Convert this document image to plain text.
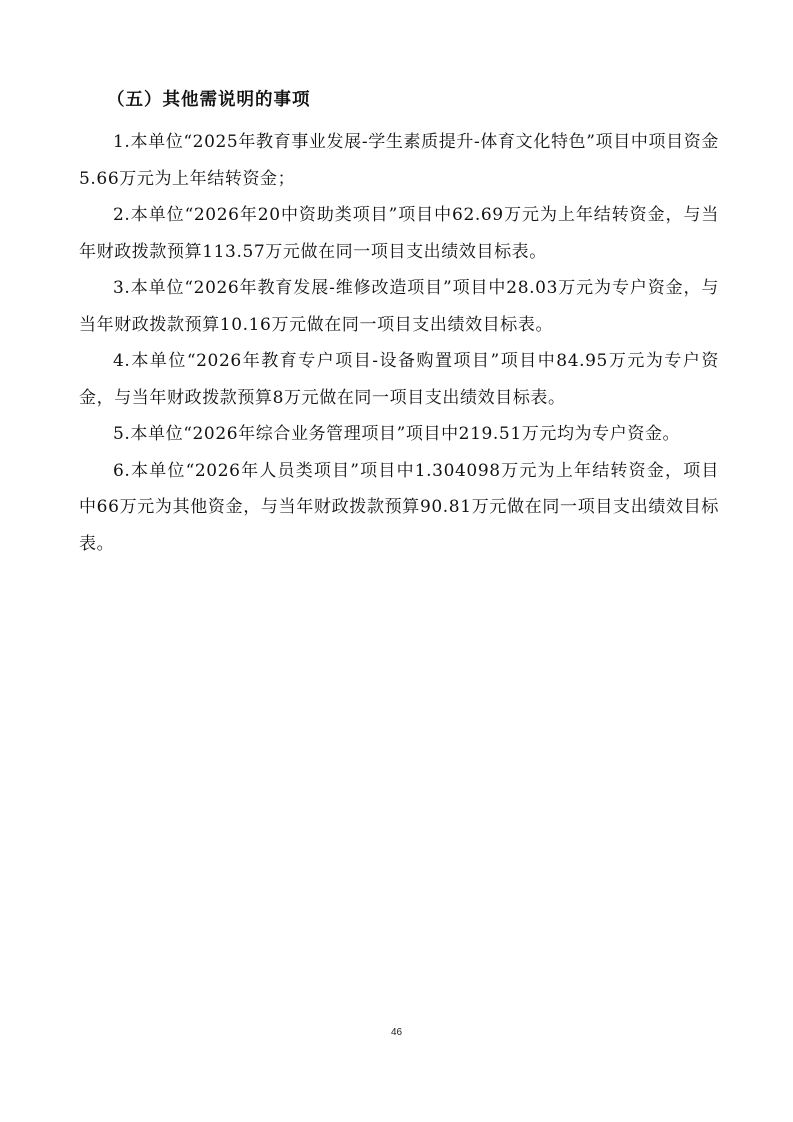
（五）其他需说明的事项

1.本单位“2025年教育事业发展-学生素质提升-体育文化特色”项目中项目资金5.66万元为上年结转资金；

2.本单位“2026年20中资助类项目”项目中62.69万元为上年结转资金，与当年财政拨款预算113.57万元做在同一项目支出绩效目标表。

3.本单位“2026年教育发展-维修改造项目”项目中28.03万元为专户资金，与当年财政拨款预算10.16万元做在同一项目支出绩效目标表。

4.本单位“2026年教育专户项目-设备购置项目”项目中84.95万元为专户资金，与当年财政拨款预算8万元做在同一项目支出绩效目标表。

5.本单位“2026年综合业务管理项目”项目中219.51万元均为专户资金。

6.本单位“2026年人员类项目”项目中1.304098万元为上年结转资金，项目中66万元为其他资金，与当年财政拨款预算90.81万元做在同一项目支出绩效目标表。

46
